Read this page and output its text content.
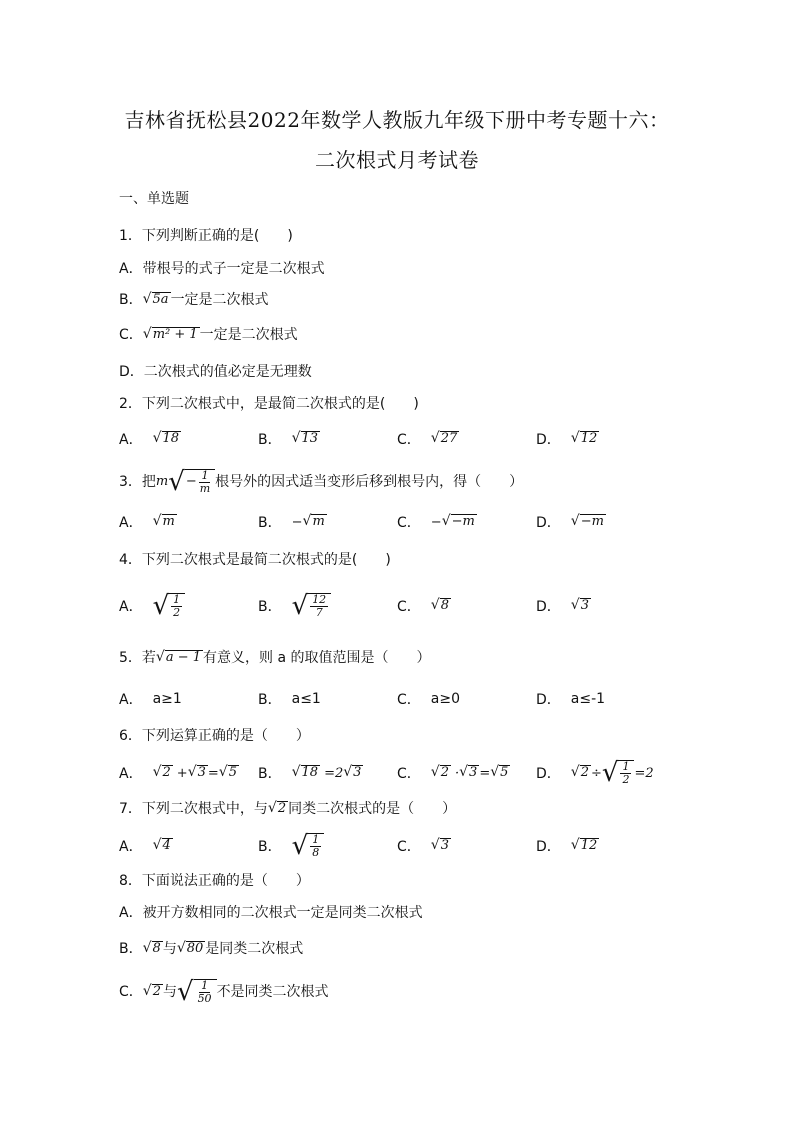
吉林省抚松县2022年数学人教版九年级下册中考专题十六：
二次根式月考试卷
一、单选题
1．下列判断正确的是(　　)
A．带根号的式子一定是二次根式
B． √ 5a 一定是二次根式
C． √ m² + 1 一定是二次根式
D．二次根式的值必定是无理数
2．下列二次根式中，是最简二次根式的是(　　)
A． √ 18	B． √ 13	C． √ 27	D． √ 12
3．把 m √ − $\frac{1}{m}$ 根号外的因式适当变形后移到根号内，得（　　）
A． √ m	B． − √ m	C． − √ −m	D． √ −m
4．下列二次根式是最简二次根式的是(　　)
A． √ $\frac{1}{2}$	B． √ $\frac{12}{7}$	C． √ 8	D． √ 3
5．若 √ a − 1 有意义，则 a 的取值范围是（　　）
A． a≥1	B． a≤1	C． a≥0	D． a≤-1
6．下列运算正确的是（　　）
A． √ 2 + √ 3 = √ 5 B． √ 18 =2 √ 3	C． √ 2 · √ 3 = √ 5 D． √ 2 ÷ √ $\frac{1}{2} =2$
7．下列二次根式中，与 √ 2 同类二次根式的是（　　）
A． √ 4	B． √ $\frac{1}{8}$	C． √ 3	D． √ 12
8．下面说法正确的是（　　）
A．被开方数相同的二次根式一定是同类二次根式
B． √ 8 与 √ 80 是同类二次根式
C． √ 2 与 √ $\frac{1}{50}$ 不是同类二次根式
